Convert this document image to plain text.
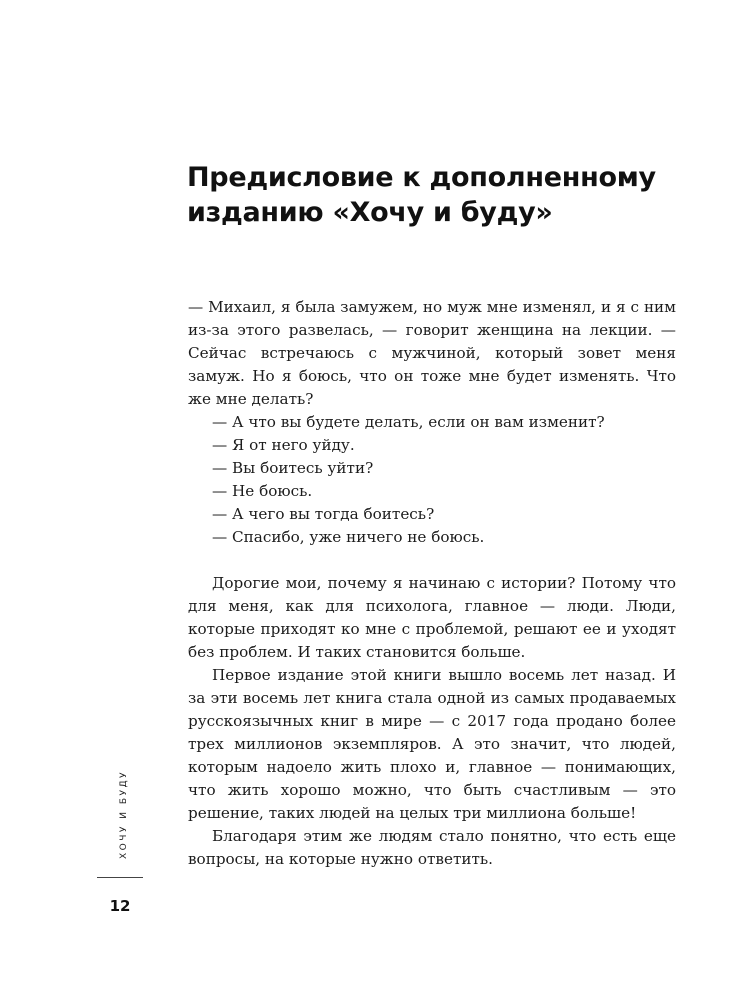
Предисловие к дополненному
изданию «Хочу и буду»

— Михаил, я была замужем, но муж мне изменял, и я с ним из-за этого развелась, — говорит женщина на лекции. — Сейчас встречаюсь с мужчиной, который зовет меня замуж. Но я боюсь, что он тоже мне будет изменять. Что же мне делать?

— А что вы будете делать, если он вам изменит?

— Я от него уйду.

— Вы боитесь уйти?

— Не боюсь.

— А чего вы тогда боитесь?

— Спасибо, уже ничего не боюсь.

Дорогие мои, почему я начинаю с истории? Потому что для меня, как для психолога, главное — люди. Люди, которые приходят ко мне с проблемой, решают ее и уходят без проблем. И таких становится больше.

Первое издание этой книги вышло восемь лет назад. И за эти восемь лет книга стала одной из самых продаваемых русскоязычных книг в мире — с 2017 года продано более трех миллионов экземпляров. А это значит, что людей, которым надоело жить плохо и, главное — понимающих, что жить хорошо можно, что быть счастливым — это решение, таких людей на целых три миллиона больше!

Благодаря этим же людям стало понятно, что есть еще вопросы, на которые нужно ответить.

ХОЧУ И БУДУ
12
